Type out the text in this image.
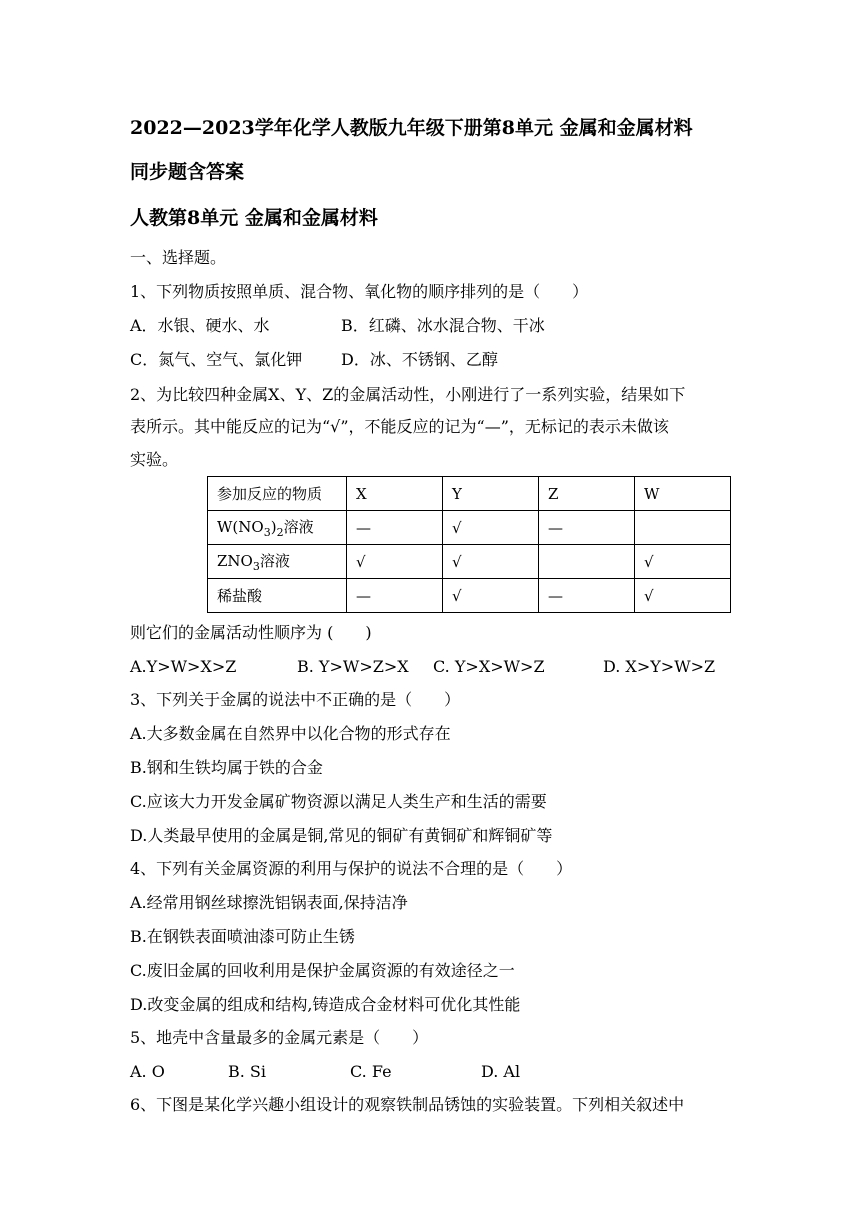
2022—2023学年化学人教版九年级下册第8单元 金属和金属材料
同步题含答案
人教第8单元 金属和金属材料
一、选择题。
1、下列物质按照单质、混合物、氧化物的顺序排列的是（　　）
A．水银、硬水、水	B．红磷、冰水混合物、干冰
C．氮气、空气、氯化钾 D．冰、不锈钢、乙醇
2、为比较四种金属X、Y、Z的金属活动性，小刚进行了一系列实验，结果如下
表所示。其中能反应的记为“√”，不能反应的记为“—”，无标记的表示未做该
实验。
参加反应的物质	X	Y	Z	W
$W(NO_3)_2$溶液	—	√	—	
$ZNO_3$溶液	√	√		√
稀盐酸	—	√	—	√
则它们的金属活动性顺序为 (　　)
A.Y>W>X>Z	B. Y>W>Z>X C. Y>X>W>Z	D. X>Y>W>Z
3、下列关于金属的说法中不正确的是（　　）
A.大多数金属在自然界中以化合物的形式存在
B.钢和生铁均属于铁的合金
C.应该大力开发金属矿物资源以满足人类生产和生活的需要
D.人类最早使用的金属是铜,常见的铜矿有黄铜矿和辉铜矿等
4、下列有关金属资源的利用与保护的说法不合理的是（　　）
A.经常用钢丝球擦洗铝锅表面,保持洁净
B.在钢铁表面喷油漆可防止生锈
C.废旧金属的回收利用是保护金属资源的有效途径之一
D.改变金属的组成和结构,铸造成合金材料可优化其性能
5、地壳中含量最多的金属元素是（　　）
A. O	B. Si	C. Fe	D. Al
6、下图是某化学兴趣小组设计的观察铁制品锈蚀的实验装置。下列相关叙述中
